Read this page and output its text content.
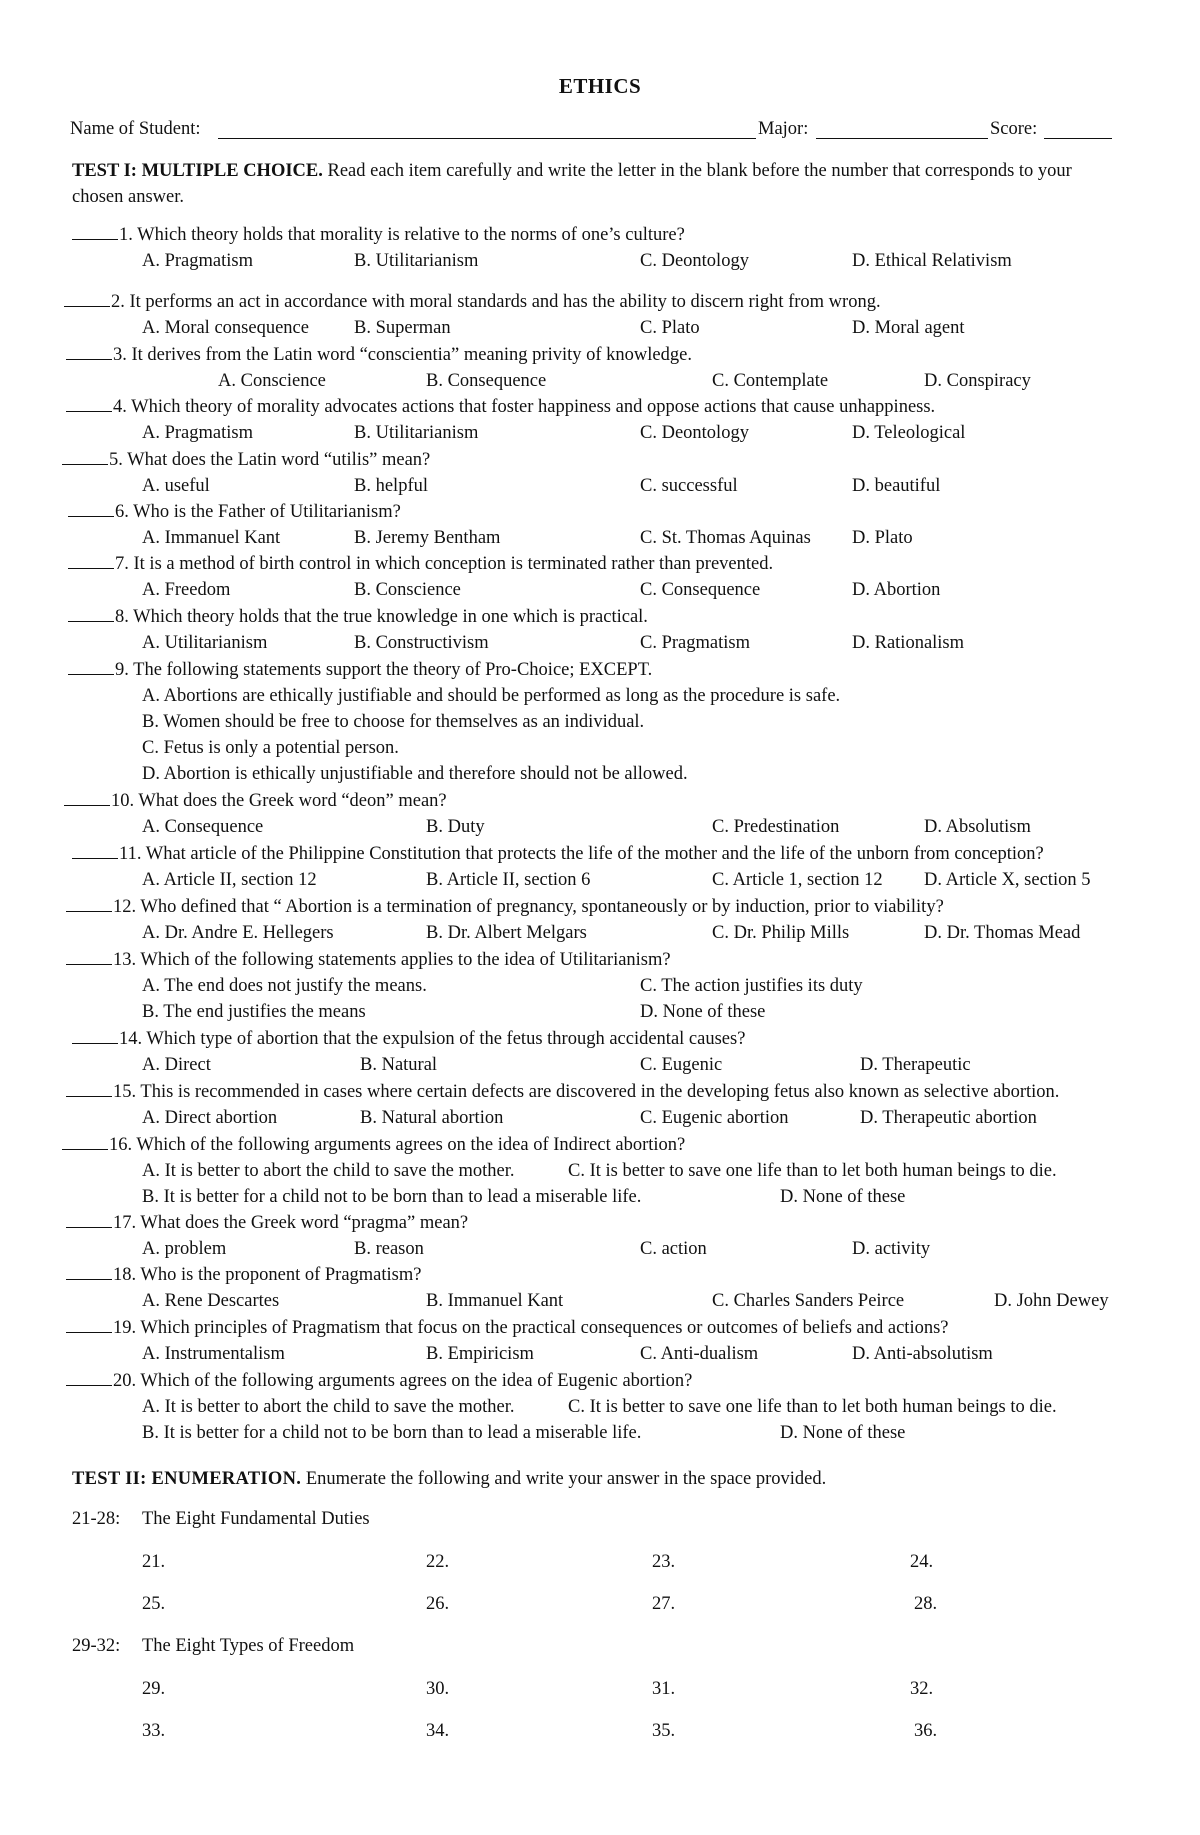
ETHICS
Name of Student:	Major:	Score:
TEST I: MULTIPLE CHOICE. Read each item carefully and write the letter in the blank before the number that corresponds to your chosen answer.
1. Which theory holds that morality is relative to the norms of one’s culture?
A. Pragmatism	B. Utilitarianism	C. Deontology	D. Ethical Relativism
2. It performs an act in accordance with moral standards and has the ability to discern right from wrong.
A. Moral consequence B. Superman	C. Plato	D. Moral agent
3. It derives from the Latin word “conscientia” meaning privity of knowledge.
A. Conscience	B. Consequence	C. Contemplate	D. Conspiracy
4. Which theory of morality advocates actions that foster happiness and oppose actions that cause unhappiness.
A. Pragmatism	B. Utilitarianism	C. Deontology	D. Teleological
5. What does the Latin word “utilis” mean?
A. useful	B. helpful	C. successful	D. beautiful
6. Who is the Father of Utilitarianism?
A. Immanuel Kant	B. Jeremy Bentham	C. St. Thomas Aquinas D. Plato
7. It is a method of birth control in which conception is terminated rather than prevented.
A. Freedom	B. Conscience	C. Consequence	D. Abortion
8. Which theory holds that the true knowledge in one which is practical.
A. Utilitarianism	B. Constructivism	C. Pragmatism	D. Rationalism
9. The following statements support the theory of Pro-Choice; EXCEPT.
A. Abortions are ethically justifiable and should be performed as long as the procedure is safe.
B. Women should be free to choose for themselves as an individual.
C. Fetus is only a potential person.
D. Abortion is ethically unjustifiable and therefore should not be allowed.
10. What does the Greek word “deon” mean?
A. Consequence	B. Duty	C. Predestination	D. Absolutism
11. What article of the Philippine Constitution that protects the life of the mother and the life of the unborn from conception?
A. Article II, section 12	B. Article II, section 6	C. Article 1, section 12 D. Article X, section 5
12. Who defined that “ Abortion is a termination of pregnancy, spontaneously or by induction, prior to viability?
A. Dr. Andre E. Hellegers	B. Dr. Albert Melgars	C. Dr. Philip Mills	D. Dr. Thomas Mead
13. Which of the following statements applies to the idea of Utilitarianism?
A. The end does not justify the means.	C. The action justifies its duty
B. The end justifies the means	D. None of these
14. Which type of abortion that the expulsion of the fetus through accidental causes?
A. Direct	B. Natural	C. Eugenic	D. Therapeutic
15. This is recommended in cases where certain defects are discovered in the developing fetus also known as selective abortion.
A. Direct abortion	B. Natural abortion	C. Eugenic abortion	D. Therapeutic abortion
16. Which of the following arguments agrees on the idea of Indirect abortion?
A. It is better to abort the child to save the mother.	C. It is better to save one life than to let both human beings to die.
B. It is better for a child not to be born than to lead a miserable life.	D. None of these
17. What does the Greek word “pragma” mean?
A. problem	B. reason	C. action	D. activity
18. Who is the proponent of Pragmatism?
A. Rene Descartes	B. Immanuel Kant	C. Charles Sanders Peirce	D. John Dewey
19. Which principles of Pragmatism that focus on the practical consequences or outcomes of beliefs and actions?
A. Instrumentalism	B. Empiricism	C. Anti-dualism	D. Anti-absolutism
20. Which of the following arguments agrees on the idea of Eugenic abortion?
A. It is better to abort the child to save the mother.	C. It is better to save one life than to let both human beings to die.
B. It is better for a child not to be born than to lead a miserable life.	D. None of these
TEST II: ENUMERATION. Enumerate the following and write your answer in the space provided.
21-28: The Eight Fundamental Duties
21.	22.	23.	24.
25.	26.	27.	28.
29-32: The Eight Types of Freedom
29.	30.	31.	32.
33.	34.	35.	36.
